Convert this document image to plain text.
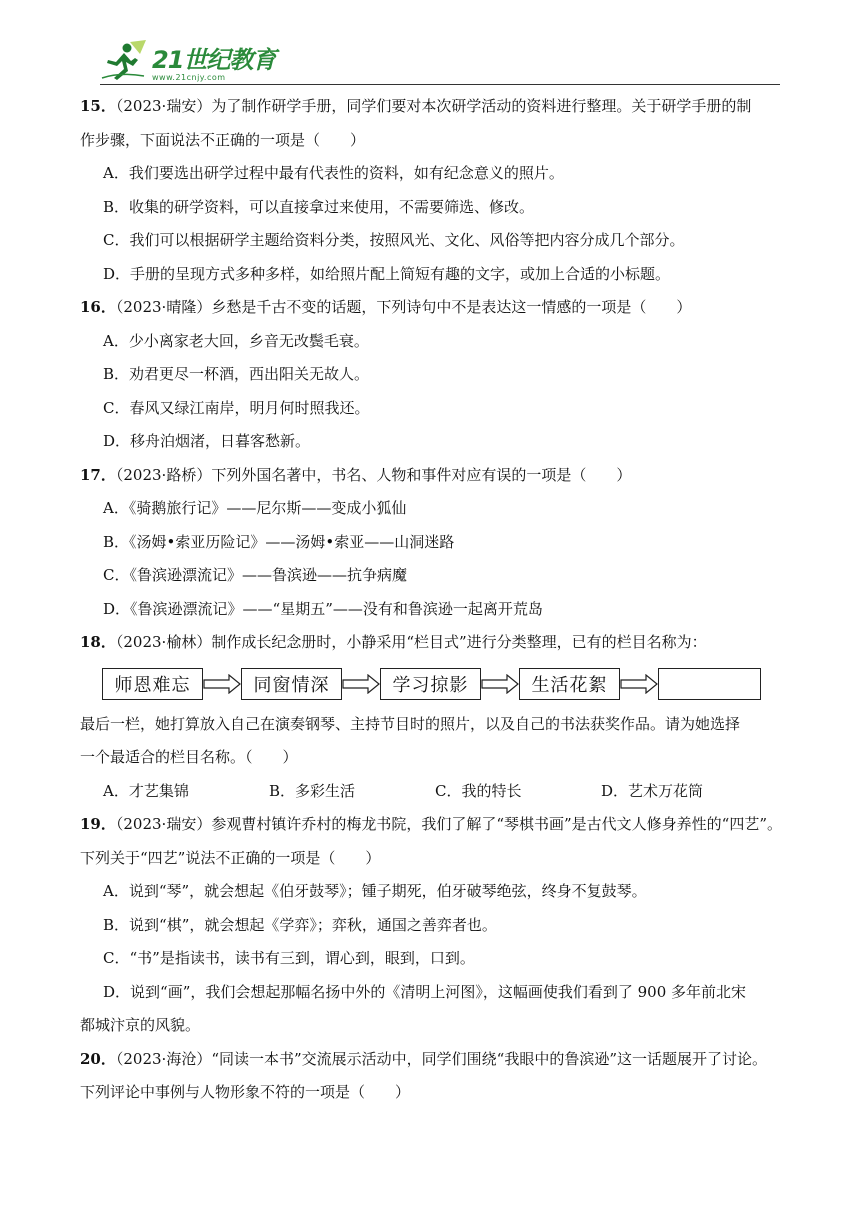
21世纪教育
www.21cnjy.com
15．（2023·瑞安）为了制作研学手册，同学们要对本次研学活动的资料进行整理。关于研学手册的制
作步骤，下面说法不正确的一项是（　　）
A．我们要选出研学过程中最有代表性的资料，如有纪念意义的照片。
B．收集的研学资料，可以直接拿过来使用，不需要筛选、修改。
C．我们可以根据研学主题给资料分类，按照风光、文化、风俗等把内容分成几个部分。
D．手册的呈现方式多种多样，如给照片配上简短有趣的文字，或加上合适的小标题。
16．（2023·晴隆）乡愁是千古不变的话题，下列诗句中不是表达这一情感的一项是（　　）
A．少小离家老大回，乡音无改鬓毛衰。
B．劝君更尽一杯酒，西出阳关无故人。
C．春风又绿江南岸，明月何时照我还。
D．移舟泊烟渚，日暮客愁新。
17．（2023·路桥）下列外国名著中，书名、人物和事件对应有误的一项是（　　）
A．《骑鹅旅行记》——尼尔斯——变成小狐仙
B．《汤姆•索亚历险记》——汤姆•索亚——山洞迷路
C．《鲁滨逊漂流记》——鲁滨逊——抗争病魔
D．《鲁滨逊漂流记》——“星期五”——没有和鲁滨逊一起离开荒岛
18．（2023·榆林）制作成长纪念册时，小静采用“栏目式”进行分类整理，已有的栏目名称为：
师恩难忘	同窗情深	学习掠影	生活花絮
最后一栏，她打算放入自己在演奏钢琴、主持节目时的照片，以及自己的书法获奖作品。请为她选择
一个最适合的栏目名称。（　　）
A．才艺集锦	B．多彩生活	C．我的特长	D．艺术万花筒
19．（2023·瑞安）参观曹村镇许乔村的梅龙书院，我们了解了“琴棋书画”是古代文人修身养性的“四艺”。
下列关于“四艺”说法不正确的一项是（　　）
A．说到“琴”，就会想起《伯牙鼓琴》；锺子期死，伯牙破琴绝弦，终身不复鼓琴。
B．说到“棋”，就会想起《学弈》；弈秋，通国之善弈者也。
C．“书”是指读书，读书有三到，谓心到，眼到，口到。
D．说到“画”，我们会想起那幅名扬中外的《清明上河图》，这幅画使我们看到了 900 多年前北宋
都城汴京的风貌。
20．（2023·海沧）“同读一本书”交流展示活动中，同学们围绕“我眼中的鲁滨逊”这一话题展开了讨论。
下列评论中事例与人物形象不符的一项是（　　）
